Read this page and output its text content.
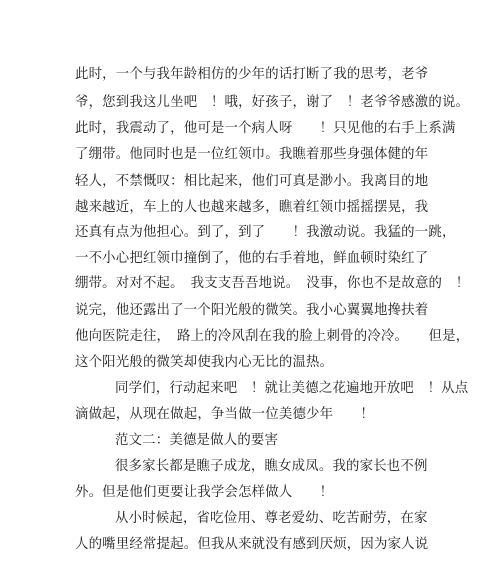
此时，一个与我年龄相仿的少年的话打断了我的思考，老爷
爷，您到我这儿坐吧　！哦，好孩子，谢了　！老爷爷感激的说。
此时，我震动了，他可是一个病人呀　　！只见他的右手上系满
了绷带。他同时也是一位红领巾。我瞧着那些身强体健的年
轻人，不禁慨叹：相比起来，他们可真是渺小。我离目的地
越来越近，车上的人也越来越多，瞧着红领巾摇摇摆晃，我
还真有点为他担心。到了，到了　　！我激动说。我猛的一跳，
一不小心把红领巾撞倒了，他的右手着地，鲜血顿时染红了
绷带。对对不起。　我支支吾吾地说。　没事，你也不是故意的　！
说完，他还露出了一个阳光般的微笑。我小心翼翼地搀扶着
他向医院走往，　路上的冷风刮在我的脸上刺骨的冷冷。　　但是，
这个阳光般的微笑却使我内心无比的温热。
同学们，行动起来吧　！就让美德之花遍地开放吧　！从点
滴做起，从现在做起，争当做一位美德少年　　！
范文二：美德是做人的要害
很多家长都是瞧子成龙，瞧女成凤。我的家长也不例
外。但是他们更要让我学会怎样做人　　！
从小时候起，省吃俭用、尊老爱幼、吃苦耐劳，在家
人的嘴里经常提起。但我从来就没有感到厌烦，因为家人说
